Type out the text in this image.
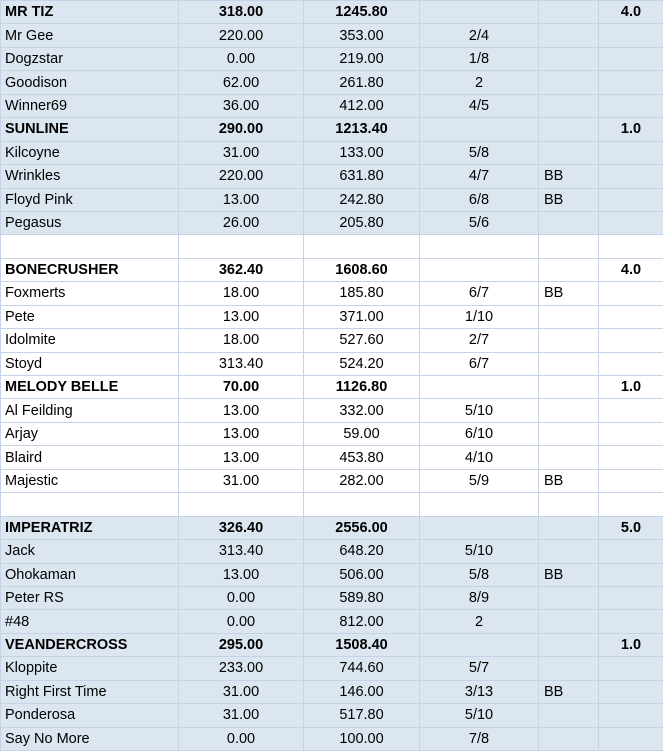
MR TIZ	318.00	1245.80			4.0
Mr Gee	220.00	353.00	2/4		
Dogzstar	0.00	219.00	1/8		
Goodison	62.00	261.80	2		
Winner69	36.00	412.00	4/5		
SUNLINE	290.00	1213.40			1.0
Kilcoyne	31.00	133.00	5/8		
Wrinkles	220.00	631.80	4/7	BB	
Floyd Pink	13.00	242.80	6/8	BB	
Pegasus	26.00	205.80	5/6		

BONECRUSHER	362.40	1608.60			4.0
Foxmerts	18.00	185.80	6/7	BB	
Pete	13.00	371.00	1/10		
Idolmite	18.00	527.60	2/7		
Stoyd	313.40	524.20	6/7		
MELODY BELLE	70.00	1126.80			1.0
Al Feilding	13.00	332.00	5/10		
Arjay	13.00	59.00	6/10		
Blaird	13.00	453.80	4/10		
Majestic	31.00	282.00	5/9	BB	

IMPERATRIZ	326.40	2556.00			5.0
Jack	313.40	648.20	5/10		
Ohokaman	13.00	506.00	5/8	BB	
Peter RS	0.00	589.80	8/9		
#48	0.00	812.00	2		
VEANDERCROSS	295.00	1508.40			1.0
Kloppite	233.00	744.60	5/7		
Right First Time	31.00	146.00	3/13	BB	
Ponderosa	31.00	517.80	5/10		
Say No More	0.00	100.00	7/8		
